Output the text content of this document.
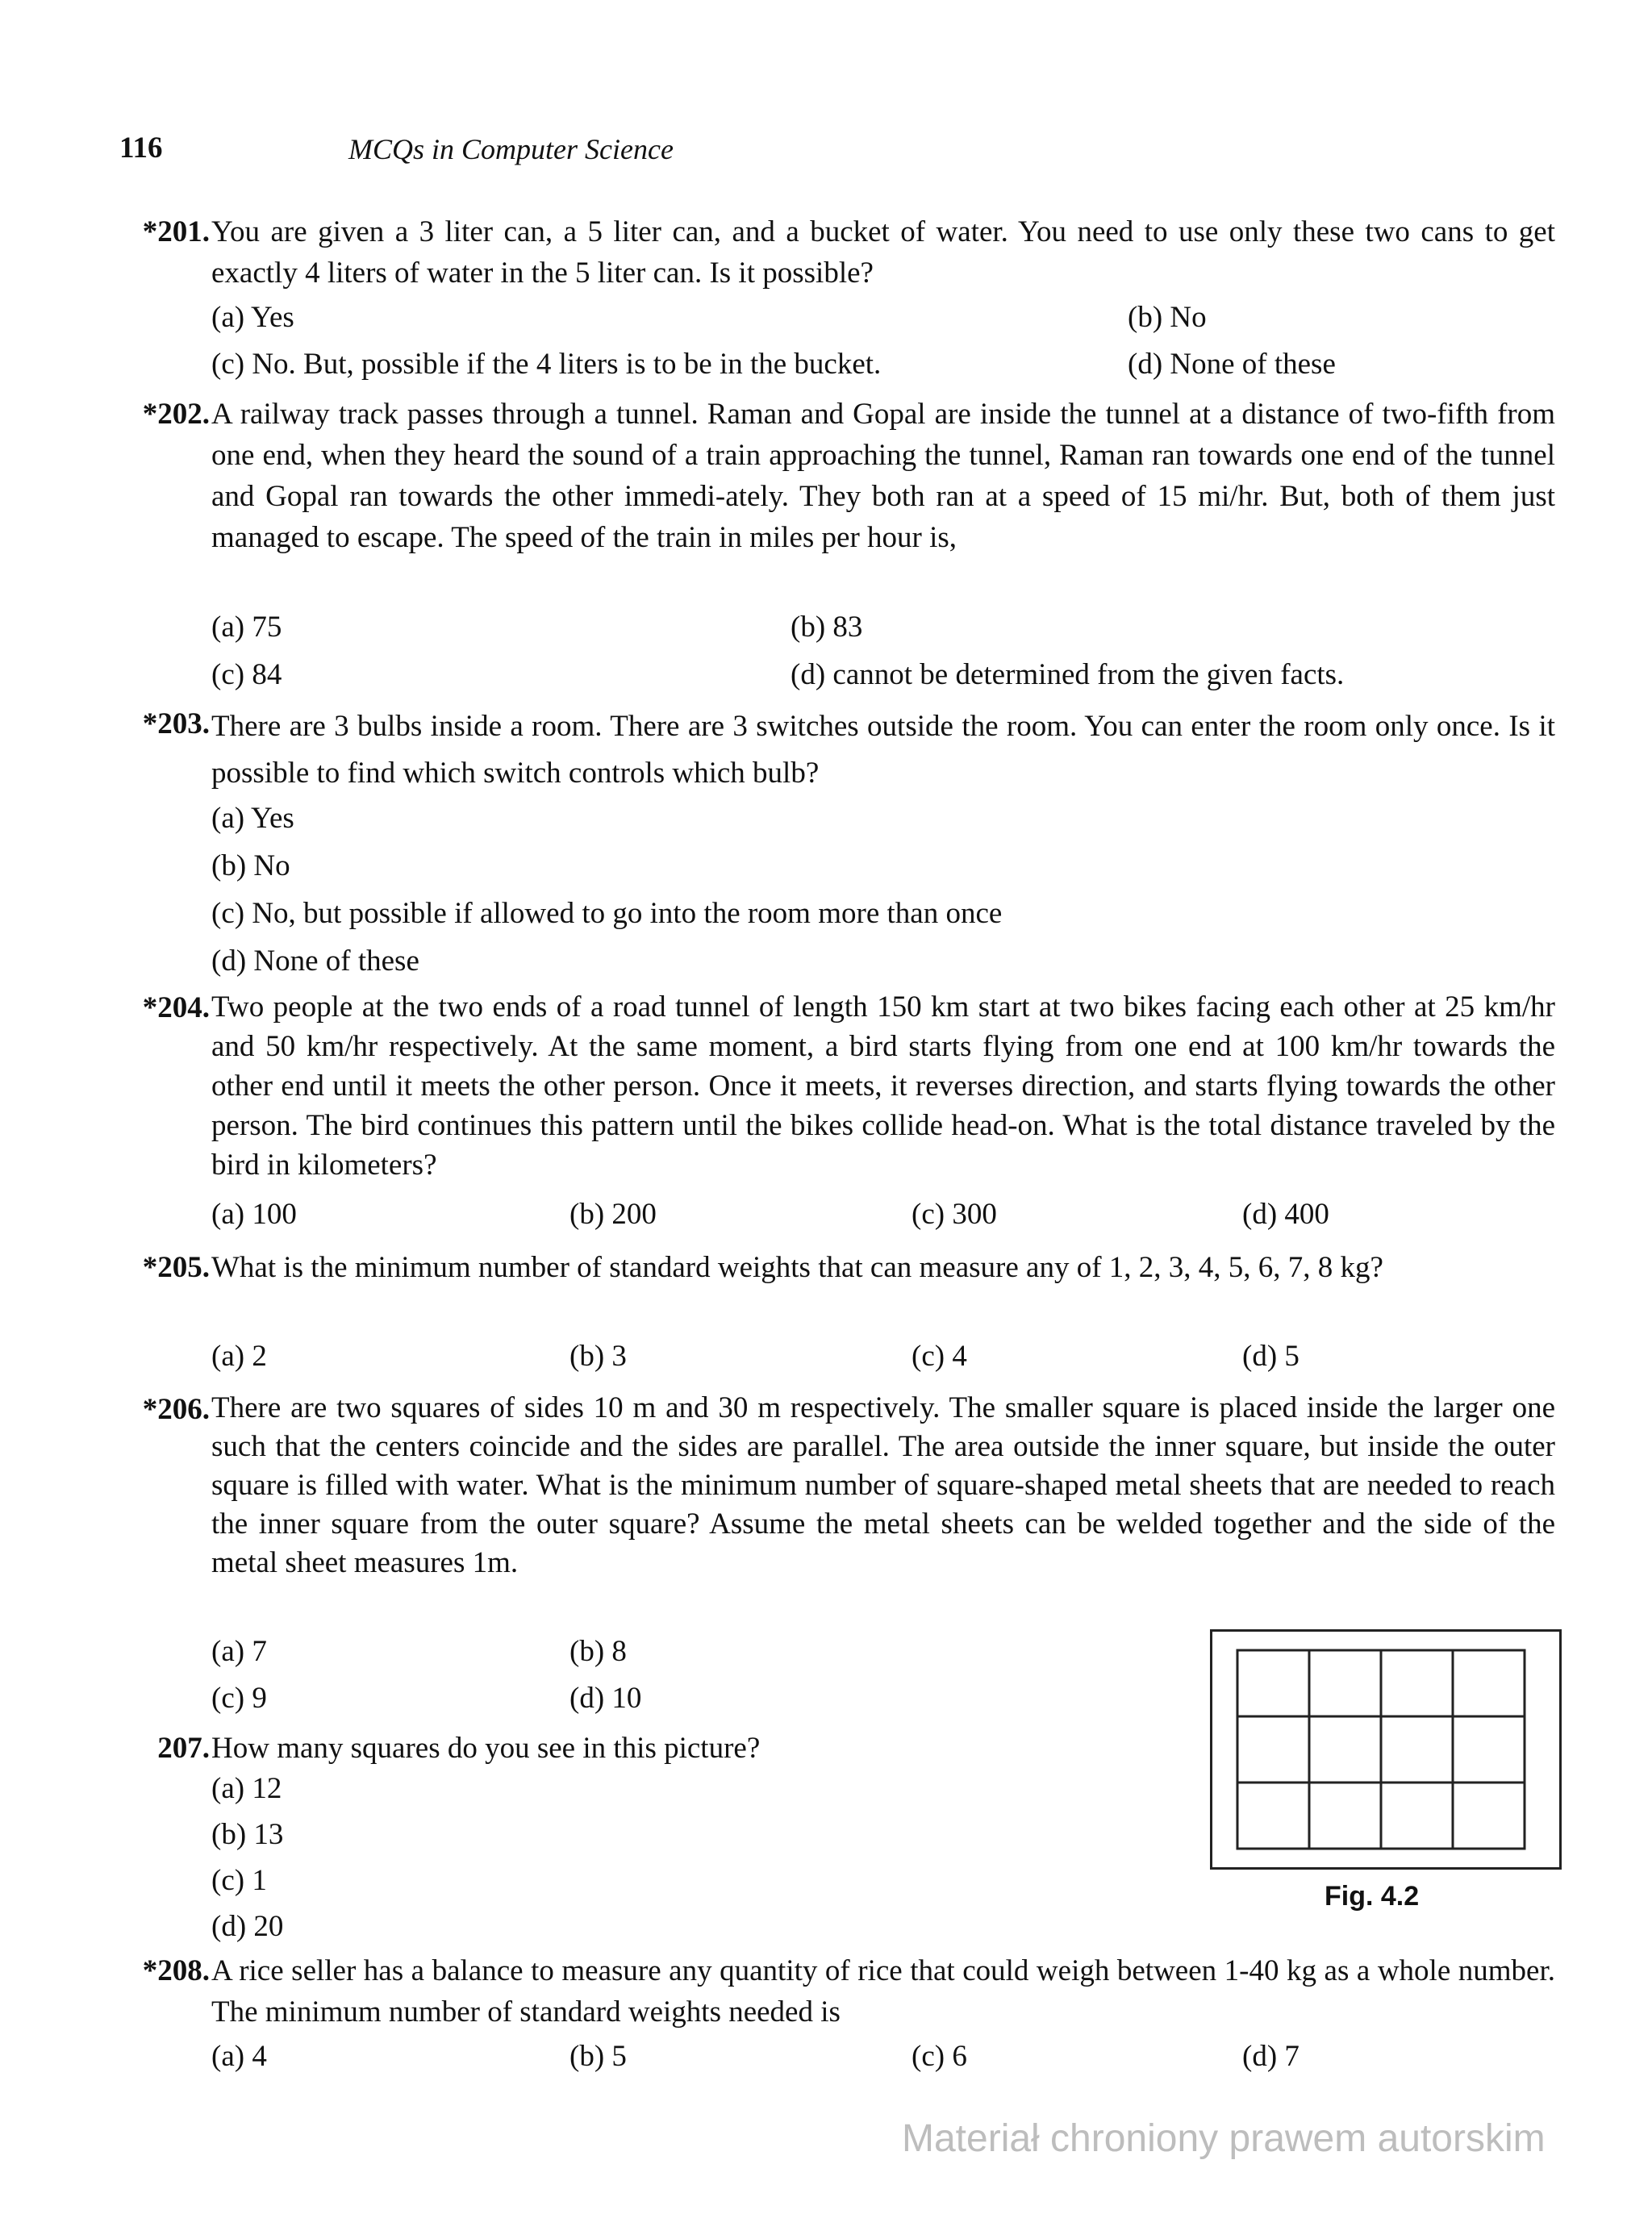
116	MCQs in Computer Science
*201. You are given a 3 liter can, a 5 liter can, and a bucket of water. You need to use only these two cans to get exactly 4 liters of water in the 5 liter can. Is it possible?
(a) Yes	(b) No
(c) No. But, possible if the 4 liters is to be in the bucket.	(d) None of these
*202. A railway track passes through a tunnel. Raman and Gopal are inside the tunnel at a distance of two-fifth from one end, when they heard the sound of a train approaching the tunnel, Raman ran towards one end of the tunnel and Gopal ran towards the other immedi-ately. They both ran at a speed of 15 mi/hr. But, both of them just managed to escape. The speed of the train in miles per hour is,
(a) 75	(b) 83
(c) 84	(d) cannot be determined from the given facts.
*203. There are 3 bulbs inside a room. There are 3 switches outside the room. You can enter the room only once. Is it possible to find which switch controls which bulb?
(a) Yes
(b) No
(c) No, but possible if allowed to go into the room more than once
(d) None of these
*204. Two people at the two ends of a road tunnel of length 150 km start at two bikes facing each other at 25 km/hr and 50 km/hr respectively. At the same moment, a bird starts flying from one end at 100 km/hr towards the other end until it meets the other person. Once it meets, it reverses direction, and starts flying towards the other person. The bird continues this pattern until the bikes collide head-on. What is the total distance traveled by the bird in kilometers?
(a) 100	(b) 200	(c) 300	(d) 400
*205. What is the minimum number of standard weights that can measure any of 1, 2, 3, 4, 5, 6, 7, 8 kg?
(a) 2	(b) 3	(c) 4	(d) 5
*206. There are two squares of sides 10 m and 30 m respectively. The smaller square is placed inside the larger one such that the centers coincide and the sides are parallel. The area outside the inner square, but inside the outer square is filled with water. What is the minimum number of square-shaped metal sheets that are needed to reach the inner square from the outer square? Assume the metal sheets can be welded together and the side of the metal sheet measures 1m.
(a) 7	(b) 8
(c) 9	(d) 10
207. How many squares do you see in this picture?
(a) 12
(b) 13
(c) 1
(d) 20
Fig. 4.2
*208. A rice seller has a balance to measure any quantity of rice that could weigh between 1-40 kg as a whole number. The minimum number of standard weights needed is
(a) 4	(b) 5	(c) 6	(d) 7
Materiał chroniony prawem autorskim
